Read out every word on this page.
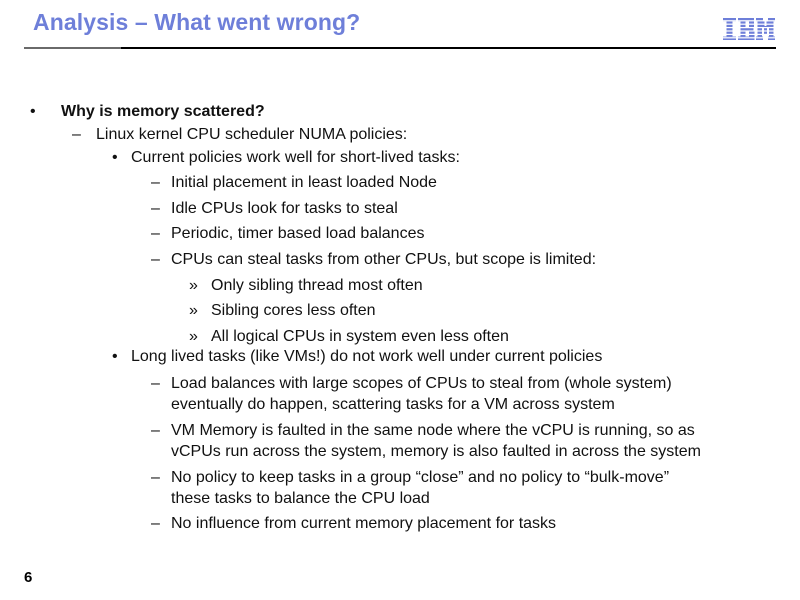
Analysis – What went wrong?
• Why is memory scattered?
– Linux kernel CPU scheduler NUMA policies:
• Current policies work well for short-lived tasks:
– Initial placement in least loaded Node
– Idle CPUs look for tasks to steal
– Periodic, timer based load balances
– CPUs can steal tasks from other CPUs, but scope is limited:
» Only sibling thread most often
» Sibling cores less often
» All logical CPUs in system even less often
• Long lived tasks (like VMs!) do not work well under current policies
– Load balances with large scopes of CPUs to steal from (whole system)
eventually do happen, scattering tasks for a VM across system
– VM Memory is faulted in the same node where the vCPU is running, so as
vCPUs run across the system, memory is also faulted in across the system
– No policy to keep tasks in a group “close” and no policy to “bulk-move”
these tasks to balance the CPU load
– No influence from current memory placement for tasks
6
